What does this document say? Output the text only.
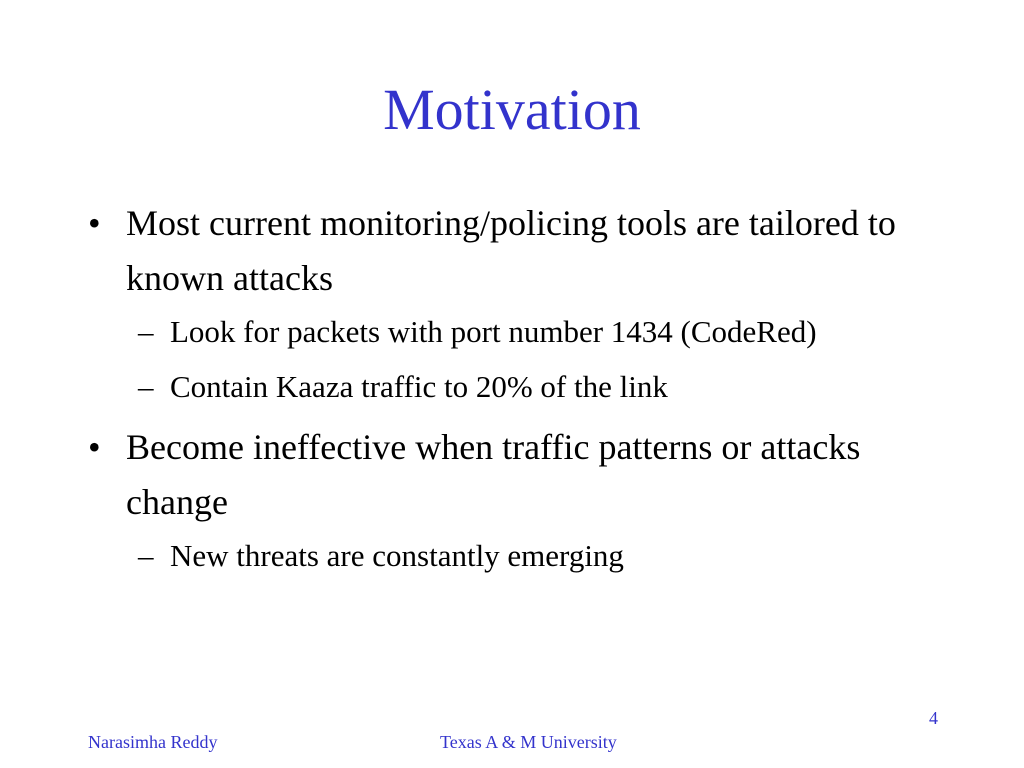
Motivation
• Most current monitoring/policing tools are tailored to known attacks
– Look for packets with port number 1434 (CodeRed)
– Contain Kaaza traffic to 20% of the link
• Become ineffective when traffic patterns or attacks change
– New threats are constantly emerging
4
Narasimha Reddy	Texas A & M University
